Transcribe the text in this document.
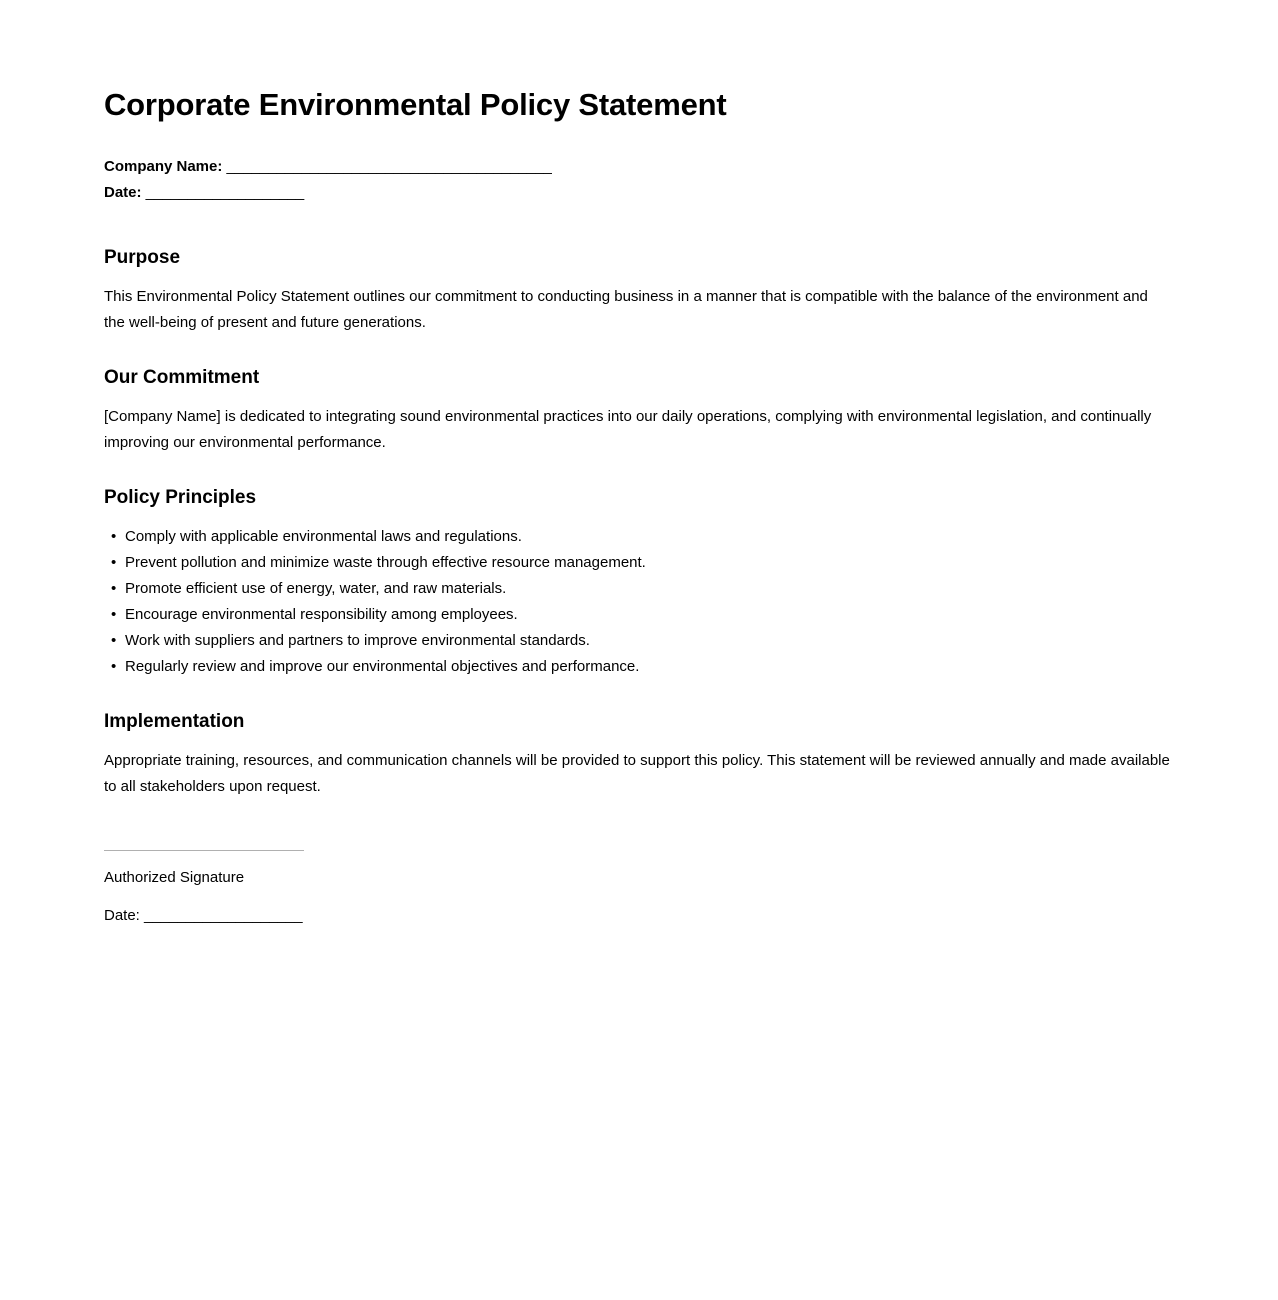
Corporate Environmental Policy Statement
Company Name: _______________________________________
Date: ___________________
Purpose

This Environmental Policy Statement outlines our commitment to conducting business in a manner that is compatible with the balance of the environment and the well-being of present and future generations.

Our Commitment

[Company Name] is dedicated to integrating sound environmental practices into our daily operations, complying with environmental legislation, and continually improving our environmental performance.

Policy Principles
• Comply with applicable environmental laws and regulations.
• Prevent pollution and minimize waste through effective resource management.
• Promote efficient use of energy, water, and raw materials.
• Encourage environmental responsibility among employees.
• Work with suppliers and partners to improve environmental standards.
• Regularly review and improve our environmental objectives and performance.
Implementation

Appropriate training, resources, and communication channels will be provided to support this policy. This statement will be reviewed annually and made available to all stakeholders upon request.

Authorized Signature

Date: ___________________
